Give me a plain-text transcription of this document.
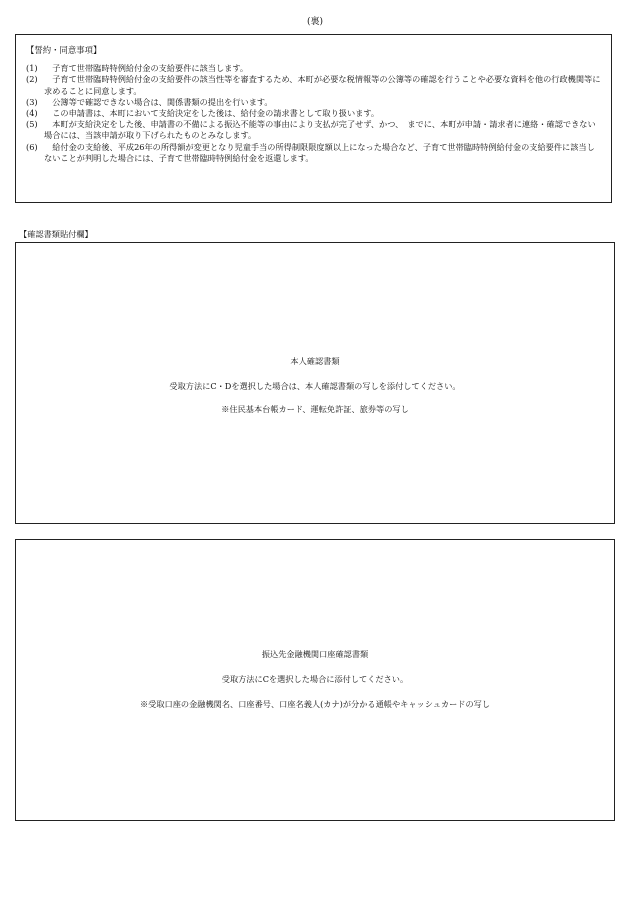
(裏)
【誓約・同意事項】
(1)	子育て世帯臨時特例給付金の支給要件に該当します。
(2)	子育て世帯臨時特例給付金の支給要件の該当性等を審査するため、本町が必要な税情報等の公簿等の確認を行うことや必要な資料を他の行政機関等に求めることに同意します。
(3)	公簿等で確認できない場合は、関係書類の提出を行います。
(4)	この申請書は、本町において支給決定をした後は、給付金の請求書として取り扱います。
(5)	本町が支給決定をした後、申請書の不備による振込不能等の事由により支払が完了せず、かつ、　までに、本町が申請・請求者に連絡・確認できない場合には、当該申請が取り下げられたものとみなします。
(6)	給付金の支給後、平成26年の所得額が変更となり児童手当の所得制限限度額以上になった場合など、子育て世帯臨時特例給付金の支給要件に該当しないことが判明した場合には、子育て世帯臨時特例給付金を返還します。
【確認書類貼付欄】
本人確認書類
受取方法にC・Dを選択した場合は、本人確認書類の写しを添付してください。
※住民基本台帳カード、運転免許証、旅券等の写し
振込先金融機関口座確認書類
受取方法にCを選択した場合に添付してください。
※受取口座の金融機関名、口座番号、口座名義人(カナ)が分かる通帳やキャッシュカードの写し
